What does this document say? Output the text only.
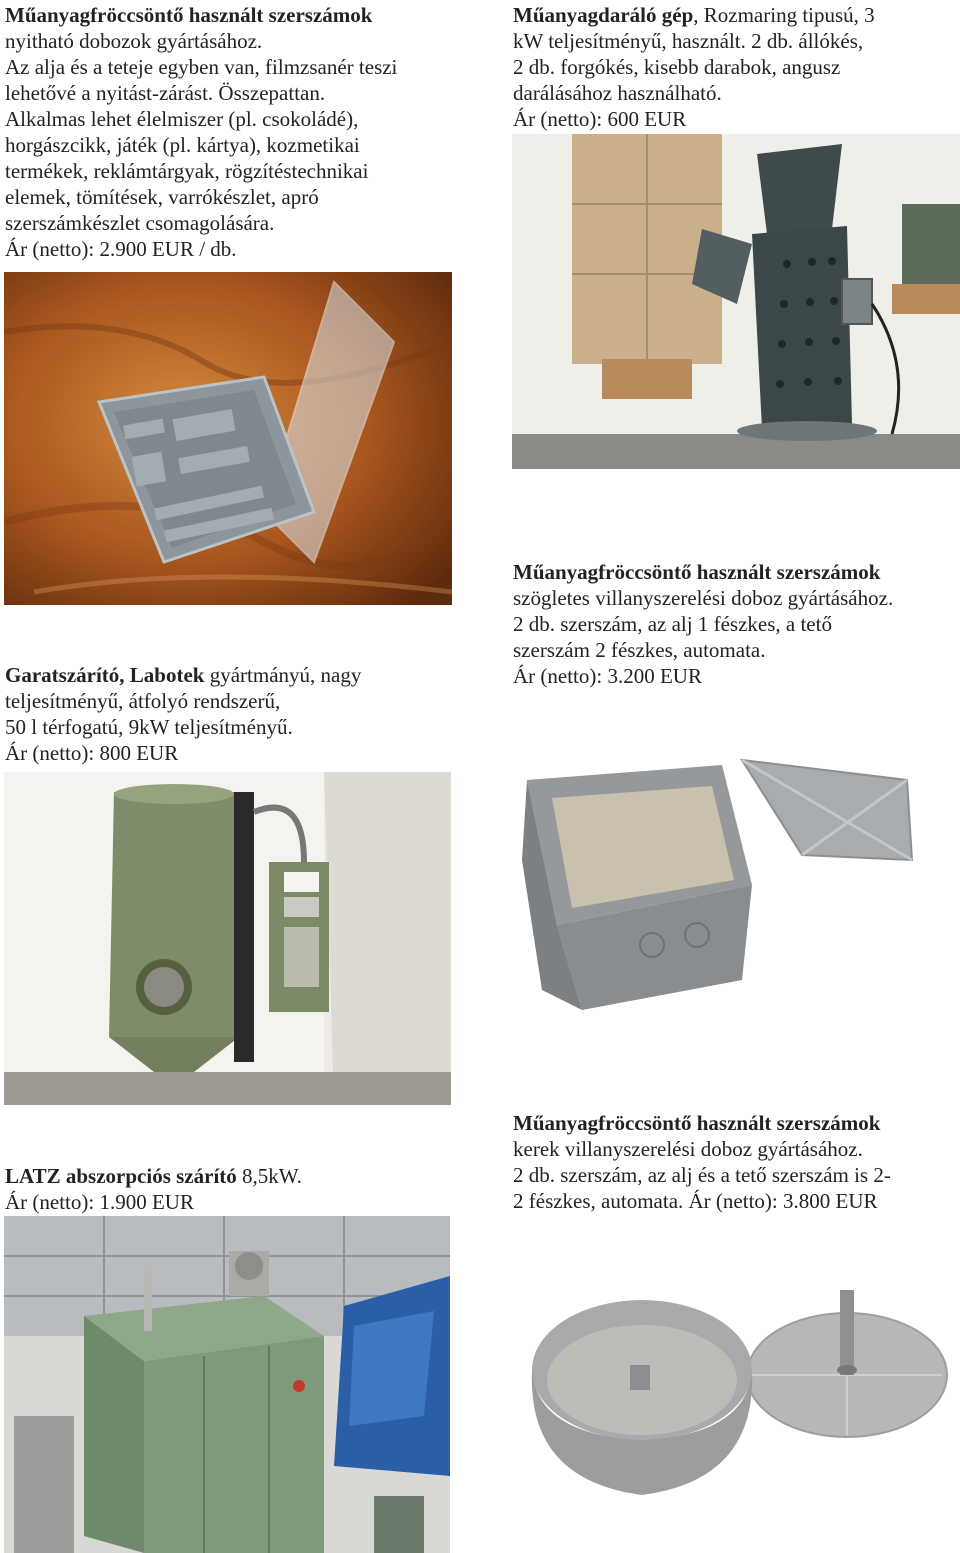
Műanyagfröccsöntő használt szerszámok

nyitható dobozok gyártásához.

Az alja és a teteje egyben van, filmzsanér teszi

lehetővé a nyitást-zárást. Összepattan.

Alkalmas lehet élelmiszer (pl. csokoládé),

horgászcikk, játék (pl. kártya), kozmetikai

termékek, reklámtárgyak, rögzítéstechnikai

elemek, tömítések, varrókészlet, apró

szerszámkészlet csomagolására.

Ár (netto): 2.900 EUR / db.

Műanyagdaráló gép, Rozmaring tipusú, 3

kW teljesítményű, használt. 2 db. állókés,

2 db. forgókés, kisebb darabok, angusz

darálásához használható.

Ár (netto): 600 EUR

Műanyagfröccsöntő használt szerszámok

szögletes villanyszerelési doboz gyártásához.

2 db. szerszám, az alj 1 fészkes, a tető

szerszám 2 fészkes, automata.

Ár (netto): 3.200 EUR

Garatszárító, Labotek gyártmányú, nagy

teljesítményű, átfolyó rendszerű,

50 l térfogatú, 9kW teljesítményű.

Ár (netto): 800 EUR

Műanyagfröccsöntő használt szerszámok

kerek villanyszerelési doboz gyártásához.

2 db. szerszám, az alj és a tető szerszám is 2-

2 fészkes, automata. Ár (netto): 3.800 EUR

LATZ abszorpciós szárító 8,5kW.

Ár (netto): 1.900 EUR
